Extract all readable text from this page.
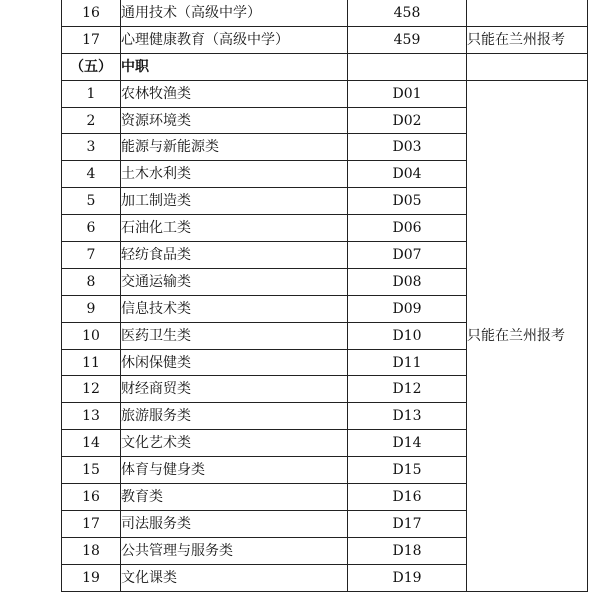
16	通用技术（高级中学）	458	
17	心理健康教育（高级中学）	459	只能在兰州报考
（五）	中职		
1	农林牧渔类	D01	只能在兰州报考
2	资源环境类	D02	
3	能源与新能源类	D03	
4	土木水利类	D04	
5	加工制造类	D05	
6	石油化工类	D06	
7	轻纺食品类	D07	
8	交通运输类	D08	
9	信息技术类	D09	
10	医药卫生类	D10	
11	休闲保健类	D11	
12	财经商贸类	D12	
13	旅游服务类	D13	
14	文化艺术类	D14	
15	体育与健身类	D15	
16	教育类	D16	
17	司法服务类	D17	
18	公共管理与服务类	D18	
19	文化课类	D19	
